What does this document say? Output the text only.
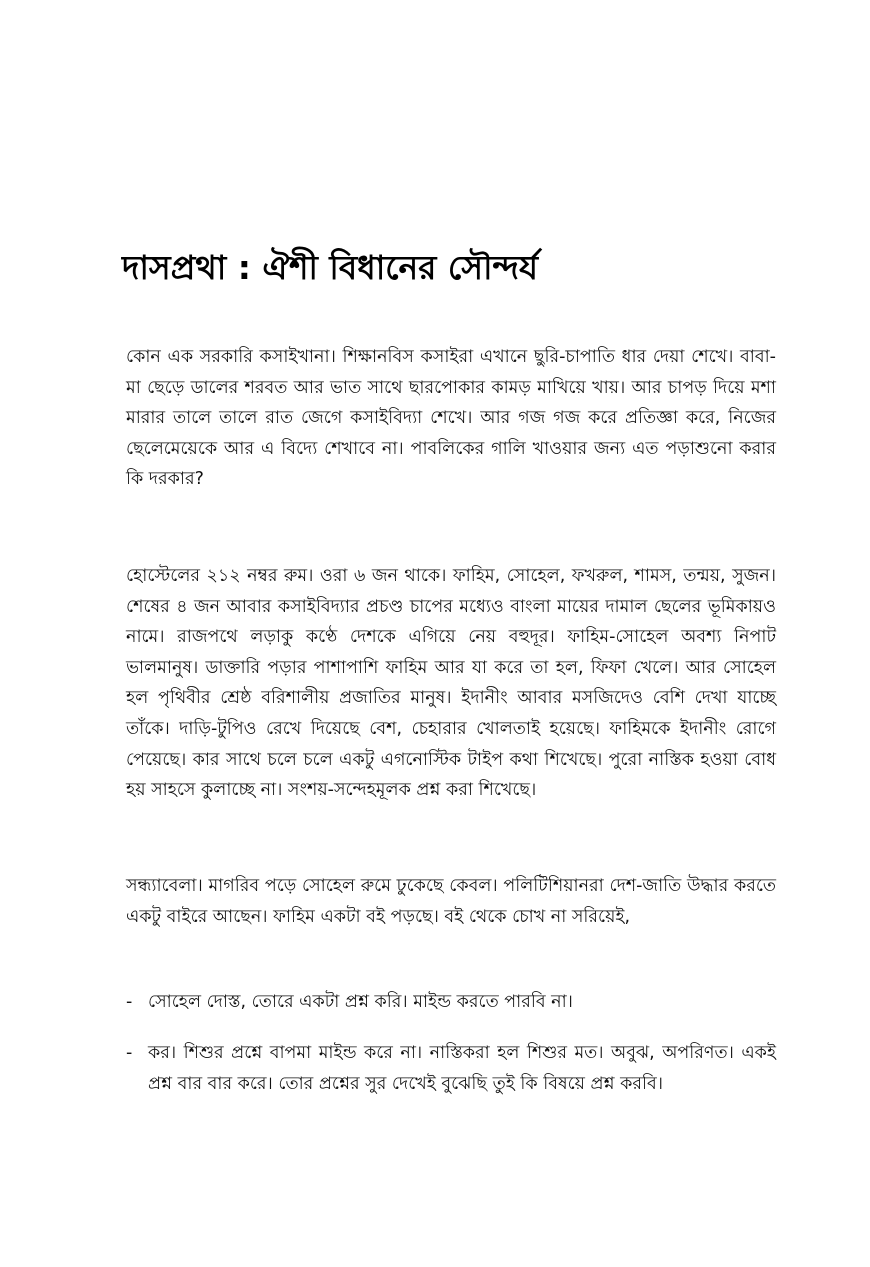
দাসপ্রথা : ঐশী বিধানের সৌন্দর্য

কোন এক সরকারি কসাইখানা। শিক্ষানবিস কসাইরা এখানে ছুরি-চাপাতি ধার দেয়া শেখে। বাবা-মা ছেড়ে ডালের শরবত আর ভাত সাথে ছারপোকার কামড় মাখিয়ে খায়। আর চাপড় দিয়ে মশা মারার তালে তালে রাত জেগে কসাইবিদ্যা শেখে। আর গজ গজ করে প্রতিজ্ঞা করে, নিজের ছেলেমেয়েকে আর এ বিদ্যে শেখাবে না। পাবলিকের গালি খাওয়ার জন্য এত পড়াশুনো করার কি দরকার?

হোস্টেলের ২১২ নম্বর রুম। ওরা ৬ জন থাকে। ফাহিম, সোহেল, ফখরুল, শামস, তন্ময়, সুজন। শেষের ৪ জন আবার কসাইবিদ্যার প্রচণ্ড চাপের মধ্যেও বাংলা মায়ের দামাল ছেলের ভূমিকায়ও নামে। রাজপথে লড়াকু কণ্ঠে দেশকে এগিয়ে নেয় বহুদূর। ফাহিম-সোহেল অবশ্য নিপাট ভালমানুষ। ডাক্তারি পড়ার পাশাপাশি ফাহিম আর যা করে তা হল, ফিফা খেলে। আর সোহেল হল পৃথিবীর শ্রেষ্ঠ বরিশালীয় প্রজাতির মানুষ। ইদানীং আবার মসজিদেও বেশি দেখা যাচ্ছে তাঁকে। দাড়ি-টুপিও রেখে দিয়েছে বেশ, চেহারার খোলতাই হয়েছে। ফাহিমকে ইদানীং রোগে পেয়েছে। কার সাথে চলে চলে একটু এগনোস্টিক টাইপ কথা শিখেছে। পুরো নাস্তিক হওয়া বোধ হয় সাহসে কুলাচ্ছে না। সংশয়-সন্দেহমূলক প্রশ্ন করা শিখেছে।

সন্ধ্যাবেলা। মাগরিব পড়ে সোহেল রুমে ঢুকেছে কেবল। পলিটিশিয়ানরা দেশ-জাতি উদ্ধার করতে একটু বাইরে আছেন। ফাহিম একটা বই পড়ছে। বই থেকে চোখ না সরিয়েই,

- সোহেল দোস্ত, তোরে একটা প্রশ্ন করি। মাইন্ড করতে পারবি না।
- কর। শিশুর প্রশ্নে বাপমা মাইন্ড করে না। নাস্তিকরা হল শিশুর মত। অবুঝ, অপরিণত। একই প্রশ্ন বার বার করে। তোর প্রশ্নের সুর দেখেই বুঝেছি তুই কি বিষয়ে প্রশ্ন করবি।
